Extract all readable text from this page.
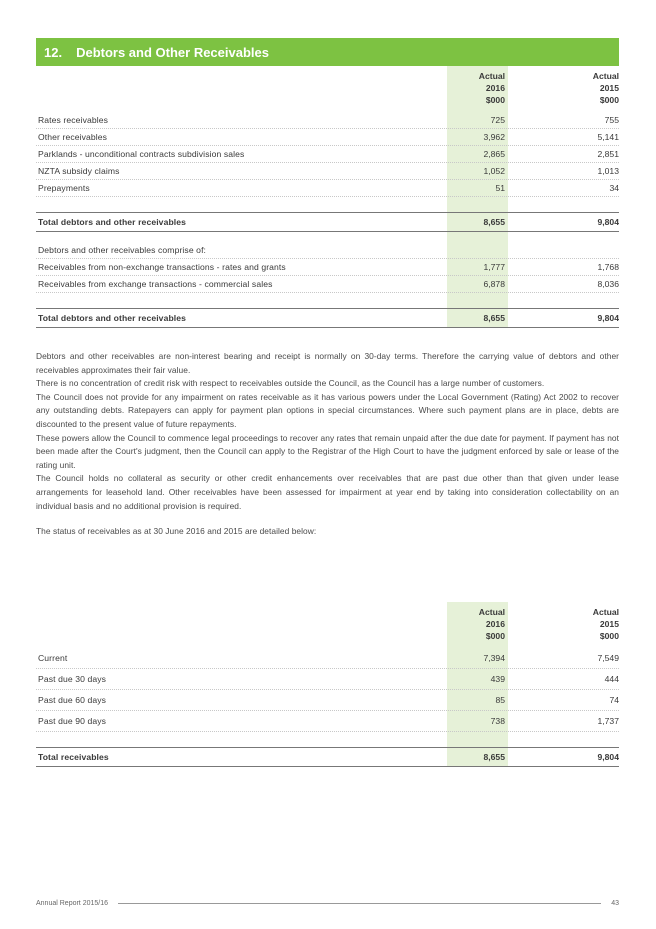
12. Debtors and Other Receivables
Actual
2016
$000
Actual
2015
$000
Rates receivables	725	755
Other receivables	3,962	5,141
Parklands - unconditional contracts subdivision sales	2,865	2,851
NZTA subsidy claims	1,052	1,013
Prepayments	51	34
Total debtors and other receivables	8,655	9,804
Debtors and other receivables comprise of:
Receivables from non-exchange transactions - rates and grants	1,777	1,768
Receivables from exchange transactions - commercial sales	6,878	8,036
Total debtors and other receivables	8,655	9,804

Debtors and other receivables are non-interest bearing and receipt is normally on 30-day terms. Therefore the carrying value of debtors and other receivables approximates their fair value.

There is no concentration of credit risk with respect to receivables outside the Council, as the Council has a large number of customers.

The Council does not provide for any impairment on rates receivable as it has various powers under the Local Government (Rating) Act 2002 to recover any outstanding debts. Ratepayers can apply for payment plan options in special circumstances. Where such payment plans are in place, debts are discounted to the present value of future repayments.

These powers allow the Council to commence legal proceedings to recover any rates that remain unpaid after the due date for payment. If payment has not been made after the Court's judgment, then the Council can apply to the Registrar of the High Court to have the judgment enforced by sale or lease of the rating unit.

The Council holds no collateral as security or other credit enhancements over receivables that are past due other than that given under lease arrangements for leasehold land. Other receivables have been assessed for impairment at year end by taking into consideration collectability on an individual basis and no additional provision is required.

The status of receivables as at 30 June 2016 and 2015 are detailed below:

Actual
2016
$000
Actual
2015
$000
Current	7,394	7,549
Past due 30 days	439	444
Past due 60 days	85	74
Past due 90 days	738	1,737
Total receivables	8,655	9,804
Annual Report 2015/16	43
